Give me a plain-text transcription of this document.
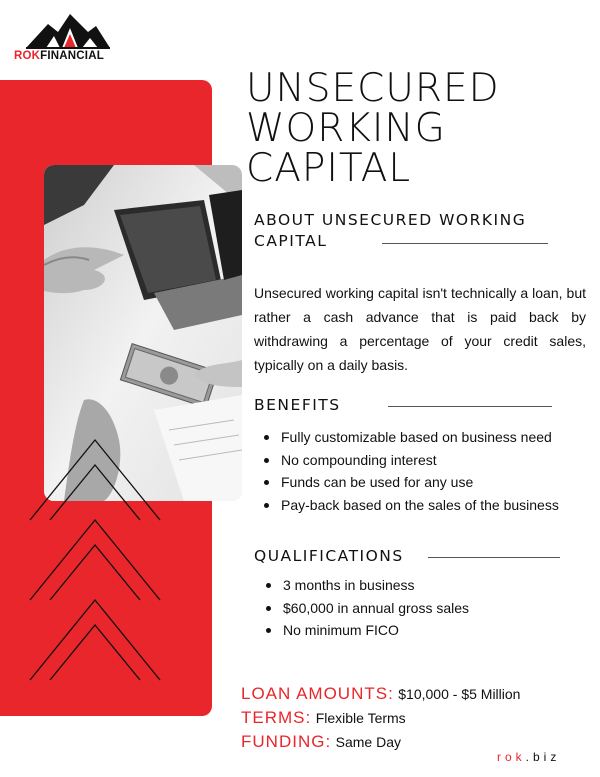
ROKFINANCIAL
UNSECURED
WORKING
CAPITAL
ABOUT UNSECURED WORKING
CAPITAL
Unsecured working capital isn't technically a loan, but rather a cash advance that is paid back by withdrawing a percentage of your credit sales, typically on a daily basis.
BENEFITS
Fully customizable based on business need
No compounding interest
Funds can be used for any use
Pay-back based on the sales of the business
QUALIFICATIONS
3 months in business
$60,000 in annual gross sales
No minimum FICO
LOAN AMOUNTS: $10,000 - $5 Million
TERMS: Flexible Terms
FUNDING: Same Day
rok.biz
